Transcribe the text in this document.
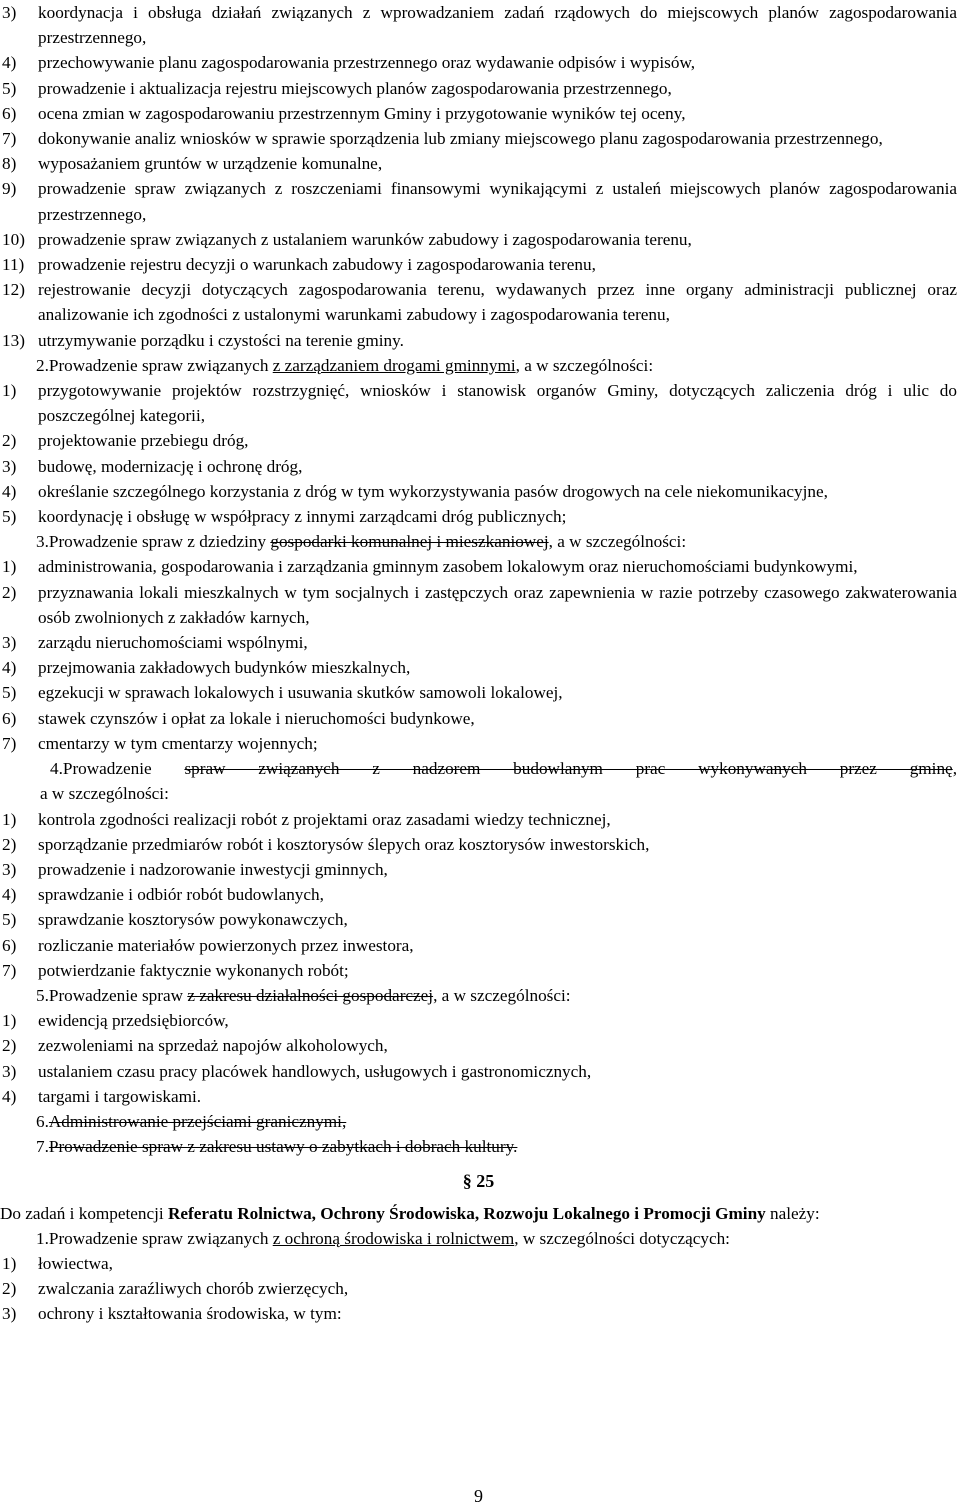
3)	koordynacja i obsługa działań związanych z wprowadzaniem zadań rządowych do miejscowych planów zagospodarowania przestrzennego,
4)	przechowywanie planu zagospodarowania przestrzennego oraz wydawanie odpisów i wypisów,
5)	prowadzenie i aktualizacja rejestru miejscowych planów zagospodarowania przestrzennego,
6)	ocena zmian w zagospodarowaniu przestrzennym Gminy i przygotowanie wyników tej oceny,
7)	dokonywanie analiz wniosków w sprawie sporządzenia lub zmiany miejscowego planu zagospodarowania przestrzennego,
8)	wyposażaniem gruntów w urządzenie komunalne,
9)	prowadzenie spraw związanych z roszczeniami finansowymi wynikającymi z ustaleń miejscowych planów zagospodarowania przestrzennego,
10) prowadzenie spraw związanych z ustalaniem warunków zabudowy i zagospodarowania terenu,
11) prowadzenie rejestru decyzji o warunkach zabudowy i zagospodarowania terenu,
12) rejestrowanie decyzji dotyczących zagospodarowania terenu, wydawanych przez inne organy administracji publicznej oraz analizowanie ich zgodności z ustalonymi warunkami zabudowy i zagospodarowania terenu,
13) utrzymywanie porządku i czystości na terenie gminy.
2.Prowadzenie spraw związanych z zarządzaniem drogami gminnymi, a w szczególności:
1)	przygotowywanie projektów rozstrzygnięć, wniosków i stanowisk organów Gminy, dotyczących zaliczenia dróg i ulic do poszczególnej kategorii,
2)	projektowanie przebiegu dróg,
3)	budowę, modernizację i ochronę dróg,
4)	określanie szczególnego korzystania z dróg w tym wykorzystywania pasów drogowych na cele niekomunikacyjne,
5)	koordynację i obsługę w współpracy z innymi zarządcami dróg publicznych;
3.Prowadzenie spraw z dziedziny gospodarki komunalnej i mieszkaniowej, a w szczególności:
1)	administrowania, gospodarowania i zarządzania gminnym zasobem lokalowym oraz nieruchomościami budynkowymi,
2)	przyznawania lokali mieszkalnych w tym socjalnych i zastępczych oraz zapewnienia w razie potrzeby czasowego zakwaterowania osób zwolnionych z zakładów karnych,
3)	zarządu nieruchomościami wspólnymi,
4)	przejmowania zakładowych budynków mieszkalnych,
5)	egzekucji w sprawach lokalowych i usuwania skutków samowoli lokalowej,
6)	stawek czynszów i opłat za lokale i nieruchomości budynkowe,
7)	cmentarzy w tym cmentarzy wojennych;
4.Prowadzenie spraw związanych z nadzorem budowlanym prac wykonywanych przez gminę,
a w szczególności:
1)	kontrola zgodności realizacji robót z projektami oraz zasadami wiedzy technicznej,
2)	sporządzanie przedmiarów robót i kosztorysów ślepych oraz kosztorysów inwestorskich,
3)	prowadzenie i nadzorowanie inwestycji gminnych,
4)	sprawdzanie i odbiór robót budowlanych,
5)	sprawdzanie kosztorysów powykonawczych,
6)	rozliczanie materiałów powierzonych przez inwestora,
7)	potwierdzanie faktycznie wykonanych robót;
5.Prowadzenie spraw z zakresu działalności gospodarczej, a w szczególności:
1)	ewidencją przedsiębiorców,
2)	zezwoleniami na sprzedaż napojów alkoholowych,
3)	ustalaniem czasu pracy placówek handlowych, usługowych i gastronomicznych,
4)	targami i targowiskami.
6.Administrowanie przejściami granicznymi,
7.Prowadzenie spraw z zakresu ustawy o zabytkach i dobrach kultury.
§ 25
Do zadań i kompetencji Referatu Rolnictwa, Ochrony Środowiska, Rozwoju Lokalnego i Promocji Gminy należy:
1.Prowadzenie spraw związanych z ochroną środowiska i rolnictwem, w szczególności dotyczących:
1)	łowiectwa,
2)	zwalczania zaraźliwych chorób zwierzęcych,
3)	ochrony i kształtowania środowiska, w tym:
9
